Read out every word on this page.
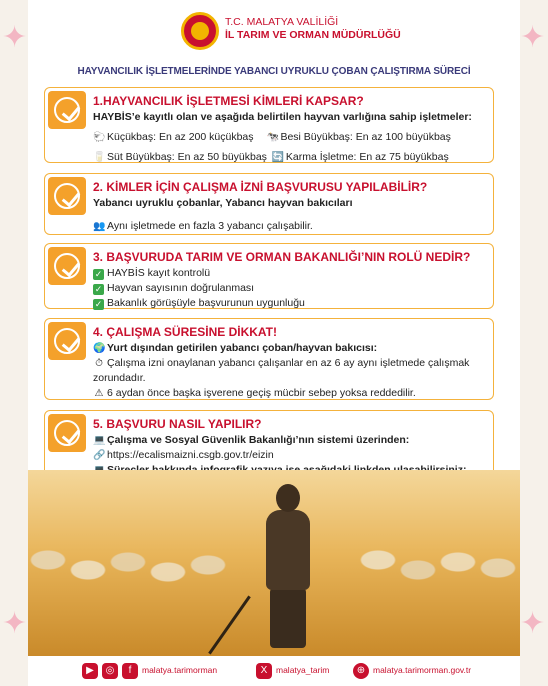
✦
✦
✦
✦
T.C. MALATYA VALİLİĞİ
İL TARIM VE ORMAN MÜDÜRLÜĞÜ
HAYVANCILIK İŞLETMELERİNDE YABANCI UYRUKLU ÇOBAN ÇALIŞTIRMA SÜRECİ
1.HAYVANCILIK İŞLETMESİ KİMLERİ KAPSAR?
HAYBİS’e kayıtlı olan ve aşağıda belirtilen hayvan varlığına sahip işletmeler:
🐑 Küçükbaş: En az 200 küçükbaş 🐄 Besi Büyükbaş: En az 100 büyükbaş
🥛 Süt Büyükbaş: En az 50 büyükbaş 🔄 Karma İşletme: En az 75 büyükbaş
2. KİMLER İÇİN ÇALIŞMA İZNİ BAŞVURUSU YAPILABİLİR?
Yabancı uyruklu çobanlar, Yabancı hayvan bakıcıları
👥 Aynı işletmede en fazla 3 yabancı çalışabilir.
3. BAŞVURUDA TARIM VE ORMAN BAKANLIĞI’NIN ROLÜ NEDİR?
✓ HAYBİS kayıt kontrolü
✓ Hayvan sayısının doğrulanması
✓ Bakanlık görüşüyle başvurunun uygunluğu
4. ÇALIŞMA SÜRESİNE DİKKAT!
🌍 Yurt dışından getirilen yabancı çoban/hayvan bakıcısı:
⏱ Çalışma izni onaylanan yabancı çalışanlar en az 6 ay aynı işletmede çalışmak
zorundadır.
⚠ 6 aydan önce başka işverene geçiş mücbir sebep yoksa reddedilir.
5. BAŞVURU NASIL YAPILIR?
💻 Çalışma ve Sosyal Güvenlik Bakanlığı’nın sistemi üzerinden:
🔗 https://ecalismaizni.csgb.gov.tr/eizin
▶	◎	f	malatya.tarimorman	X	malatya_tarim	⊕ malatya.tarimorman.gov.tr
